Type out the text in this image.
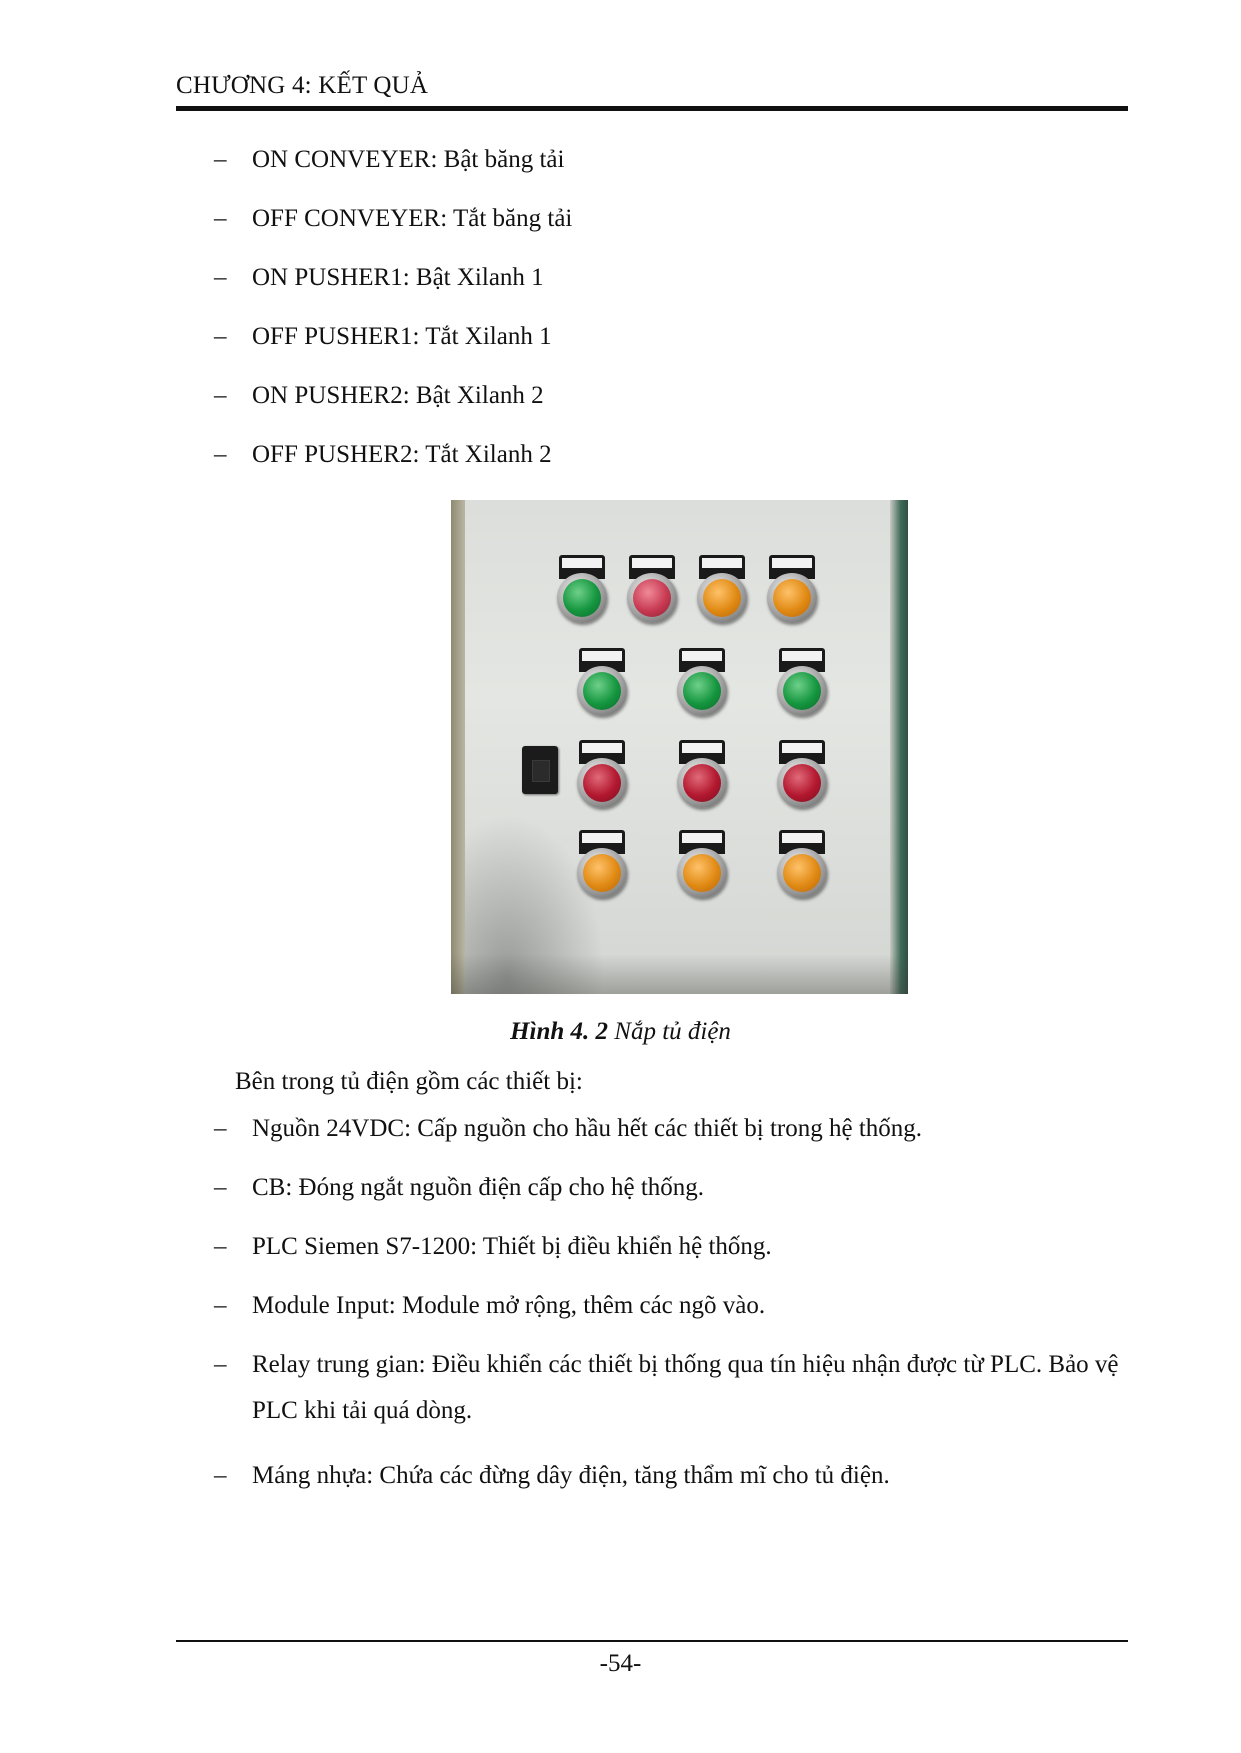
CHƯƠNG 4: KẾT QUẢ
– ON CONVEYER: Bật băng tải
– OFF CONVEYER: Tắt băng tải
– ON PUSHER1: Bật Xilanh 1
– OFF PUSHER1: Tắt Xilanh 1
– ON PUSHER2: Bật Xilanh 2
– OFF PUSHER2: Tắt Xilanh 2
Hình 4. 2 Nắp tủ điện
Bên trong tủ điện gồm các thiết bị:
– Nguồn 24VDC: Cấp nguồn cho hầu hết các thiết bị trong hệ thống.
– CB: Đóng ngắt nguồn điện cấp cho hệ thống.
– PLC Siemen S7-1200: Thiết bị điều khiển hệ thống.
– Module Input: Module mở rộng, thêm các ngõ vào.
– Relay trung gian: Điều khiển các thiết bị thống qua tín hiệu nhận được từ PLC. Bảo vệ PLC khi tải quá dòng.
– Máng nhựa: Chứa các đừng dây điện, tăng thẩm mĩ cho tủ điện.
-54-
